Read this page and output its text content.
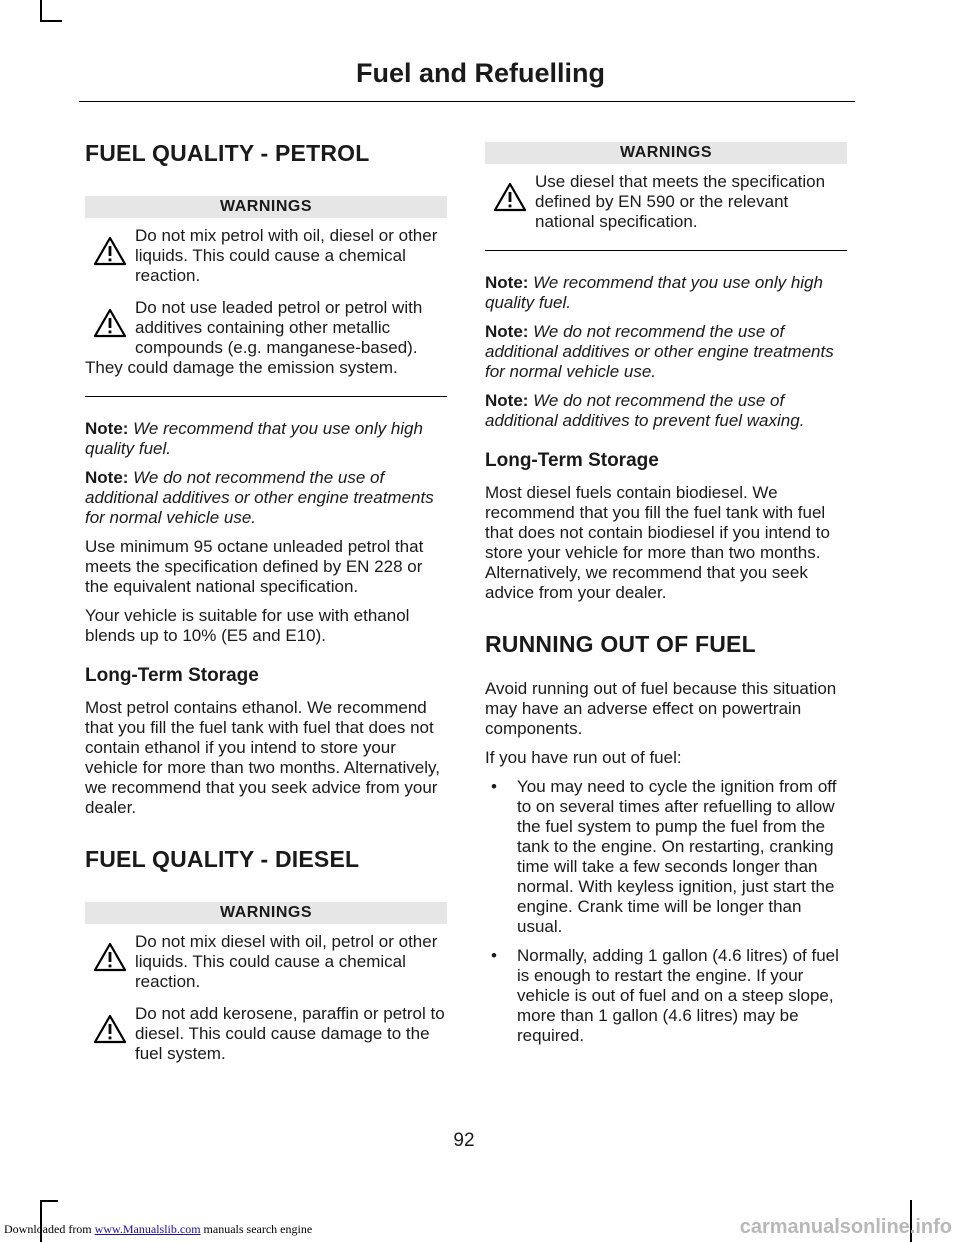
Fuel and Refuelling
FUEL QUALITY - PETROL
WARNINGS
Do not mix petrol with oil, diesel or other liquids. This could cause a chemical reaction.
Do not use leaded petrol or petrol with additives containing other metallic compounds (e.g. manganese-based). They could damage the emission system.

Note: We recommend that you use only high quality fuel.

Note: We do not recommend the use of additional additives or other engine treatments for normal vehicle use.

Use minimum 95 octane unleaded petrol that meets the specification defined by EN 228 or the equivalent national specification.

Your vehicle is suitable for use with ethanol blends up to 10% (E5 and E10).

Long-Term Storage

Most petrol contains ethanol. We recommend that you fill the fuel tank with fuel that does not contain ethanol if you intend to store your vehicle for more than two months. Alternatively, we recommend that you seek advice from your dealer.

FUEL QUALITY - DIESEL
WARNINGS
Do not mix diesel with oil, petrol or other liquids. This could cause a chemical reaction.
Do not add kerosene, paraffin or petrol to diesel. This could cause damage to the fuel system.
WARNINGS
Use diesel that meets the specification defined by EN 590 or the relevant national specification.

Note: We recommend that you use only high quality fuel.

Note: We do not recommend the use of additional additives or other engine treatments for normal vehicle use.

Note: We do not recommend the use of additional additives to prevent fuel waxing.

Long-Term Storage

Most diesel fuels contain biodiesel. We recommend that you fill the fuel tank with fuel that does not contain biodiesel if you intend to store your vehicle for more than two months. Alternatively, we recommend that you seek advice from your dealer.

RUNNING OUT OF FUEL

Avoid running out of fuel because this situation may have an adverse effect on powertrain components.

If you have run out of fuel:

• You may need to cycle the ignition from off to on several times after refuelling to allow the fuel system to pump the fuel from the tank to the engine. On restarting, cranking time will take a few seconds longer than normal. With keyless ignition, just start the engine. Crank time will be longer than usual.
• Normally, adding 1 gallon (4.6 litres) of fuel is enough to restart the engine. If your vehicle is out of fuel and on a steep slope, more than 1 gallon (4.6 litres) may be required.
92
Downloaded from www.Manualslib.com manuals search engine	carmanualsonline.info
